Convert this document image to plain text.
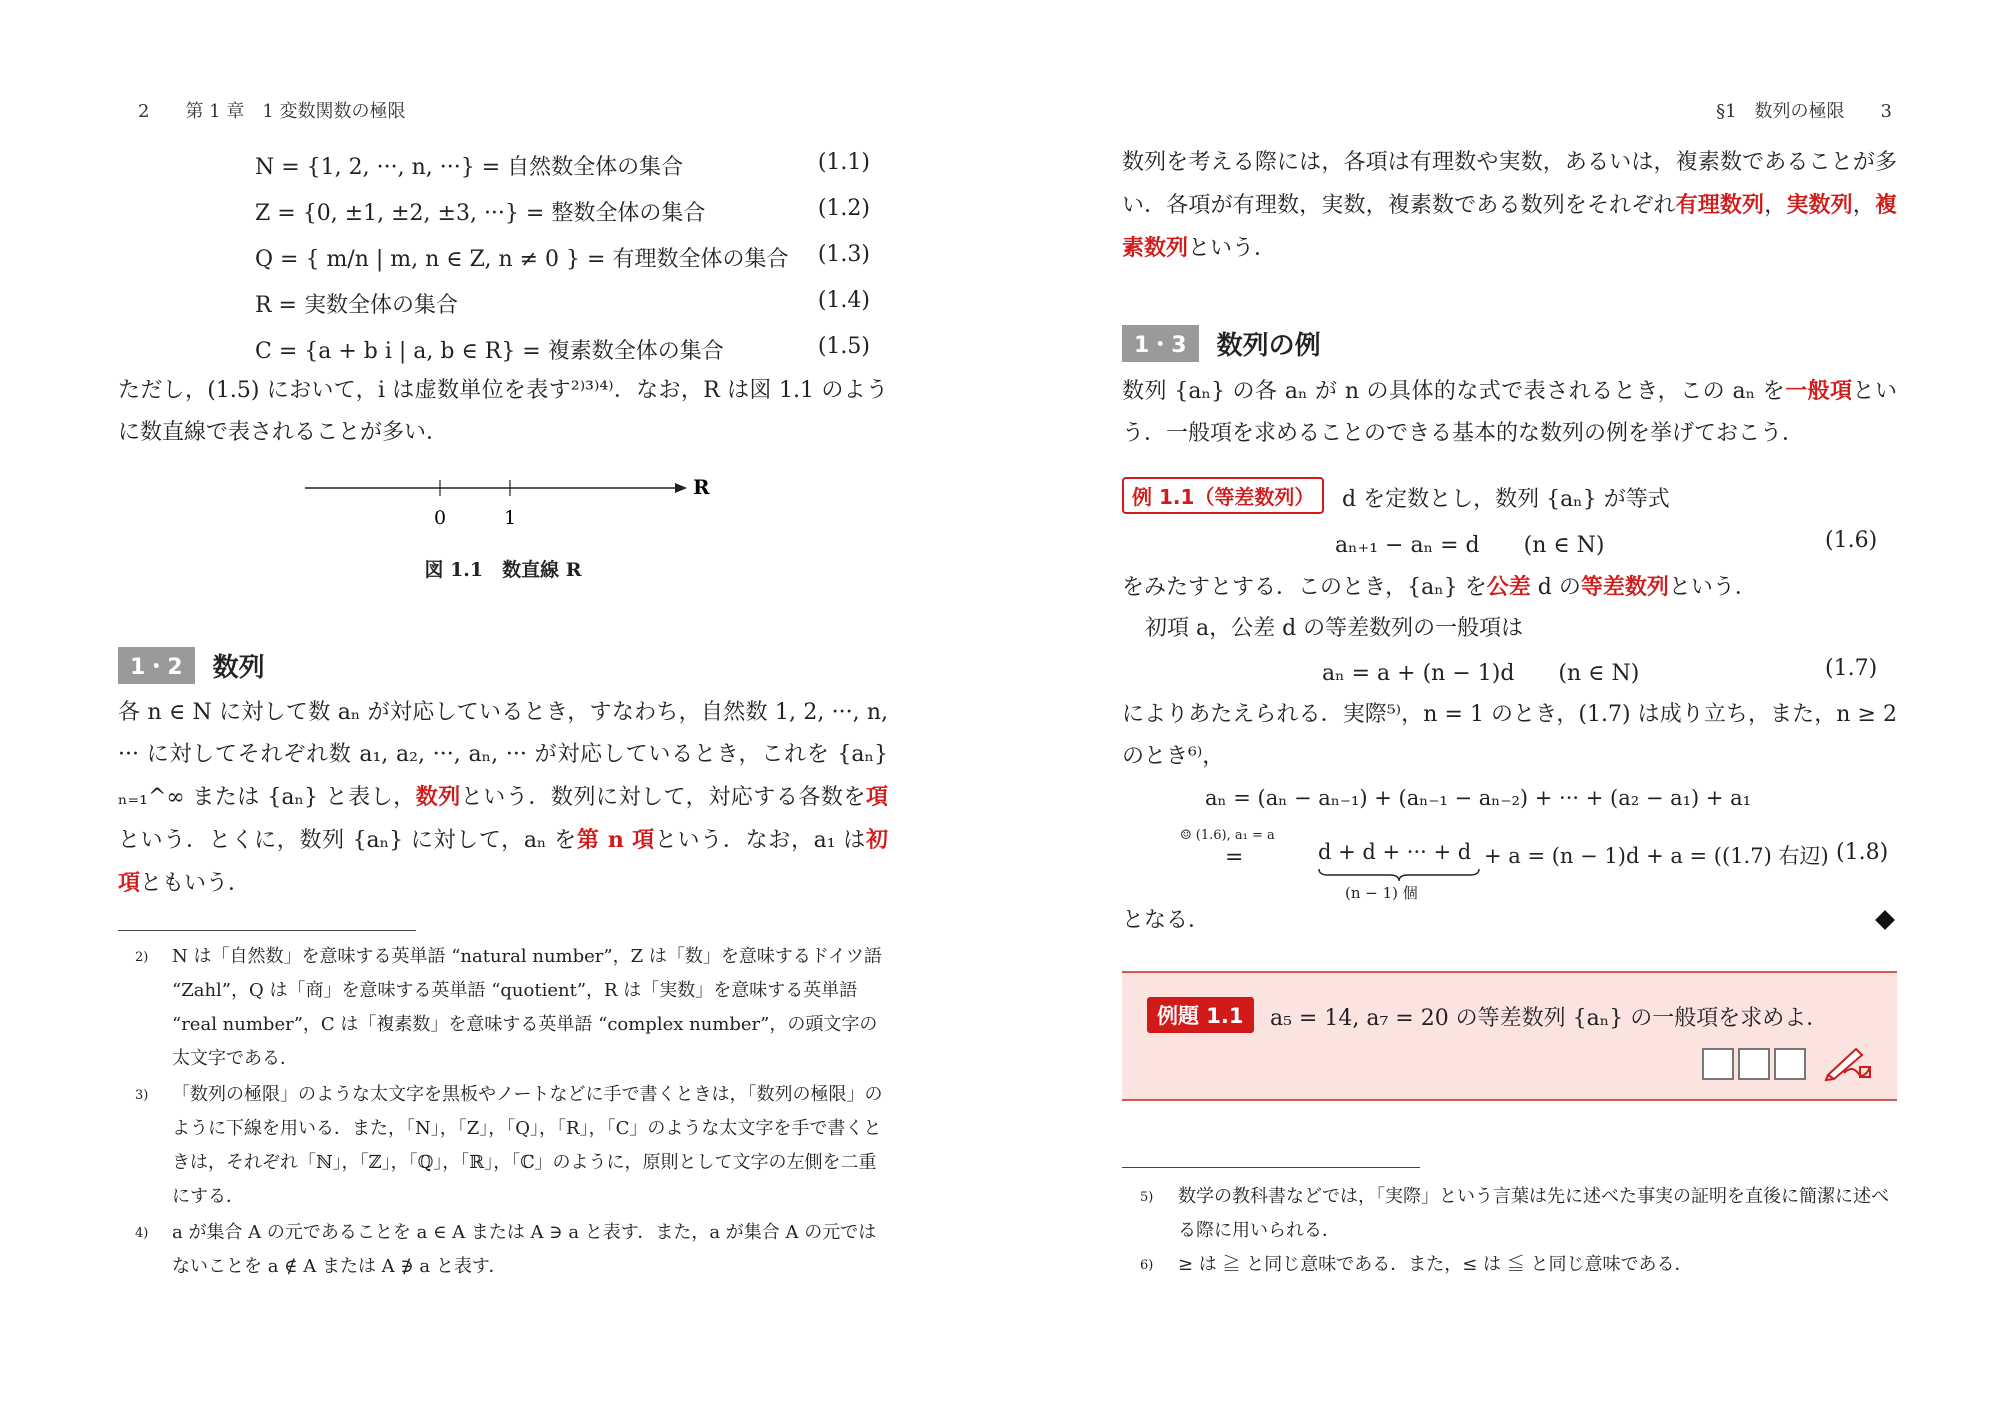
2　　第 1 章　1 変数関数の極限
N = {1, 2, ···, n, ···} = 自然数全体の集合	(1.1)
Z = {0, ±1, ±2, ±3, ···} = 整数全体の集合	(1.2)
Q = { m/n | m, n ∈ Z, n ≠ 0 } = 有理数全体の集合	(1.3)
R = 実数全体の集合	(1.4)
C = {a + b i | a, b ∈ R} = 複素数全体の集合	(1.5)
ただし，(1.5) において，i は虚数単位を表す²⁾³⁾⁴⁾．なお，R は図 1.1 のように数直線で表されることが多い．
R
0	1
図 1.1　数直線 R
1・2	数列
各 n ∈ N に対して数 aₙ が対応しているとき，すなわち，自然数 1, 2, ···, n, ··· に対してそれぞれ数 a₁, a₂, ···, aₙ, ··· が対応しているとき，これを {aₙ}ₙ₌₁^∞ または {aₙ} と表し，数列という．数列に対して，対応する各数を項という．とくに，数列 {aₙ} に対して，aₙ を第 n 項という．なお，a₁ は初項ともいう．
2) N は「自然数」を意味する英単語 “natural number”，Z は「数」を意味するドイツ語 “Zahl”，Q は「商」を意味する英単語 “quotient”，R は「実数」を意味する英単語 “real number”，C は「複素数」を意味する英単語 “complex number”，の頭文字の太文字である．
3) 「数列の極限」のような太文字を黒板やノートなどに手で書くときは，「数列の極限」のように下線を用いる．また，「N」，「Z」，「Q」，「R」，「C」のような太文字を手で書くときは，それぞれ「ℕ」，「ℤ」，「ℚ」，「ℝ」，「ℂ」のように，原則として文字の左側を二重にする．
4) a が集合 A の元であることを a ∈ A または A ∋ a と表す．また，a が集合 A の元ではないことを a ∉ A または A ∌ a と表す．
§1　数列の極限　　3
数列を考える際には，各項は有理数や実数，あるいは，複素数であることが多い．各項が有理数，実数，複素数である数列をそれぞれ有理数列，実数列，複素数列という．
1・3	数列の例
数列 {aₙ} の各 aₙ が n の具体的な式で表されるとき，この aₙ を一般項という．一般項を求めることのできる基本的な数列の例を挙げておこう．
例 1.1（等差数列）	d を定数とし，数列 {aₙ} が等式
aₙ₊₁ − aₙ = d　　(n ∈ N)	(1.6)
をみたすとする．このとき，{aₙ} を公差 d の等差数列という．
初項 a，公差 d の等差数列の一般項は
aₙ = a + (n − 1)d　　(n ∈ N)	(1.7)
によりあたえられる．実際⁵⁾，n = 1 のとき，(1.7) は成り立ち，また，n ≥ 2 のとき⁶⁾，
aₙ = (aₙ − aₙ₋₁) + (aₙ₋₁ − aₙ₋₂) + ··· + (a₂ − a₁) + a₁
☺ (1.6), a₁ = a
=	d + d + ··· + d
(n − 1) 個
+ a = (n − 1)d + a = ((1.7) 右辺) (1.8)
となる．
例題 1.1	a₅ = 14, a₇ = 20 の等差数列 {aₙ} の一般項を求めよ．
5) 数学の教科書などでは，「実際」という言葉は先に述べた事実の証明を直後に簡潔に述べる際に用いられる．
6) ≥ は ≧ と同じ意味である．また，≤ は ≦ と同じ意味である．
